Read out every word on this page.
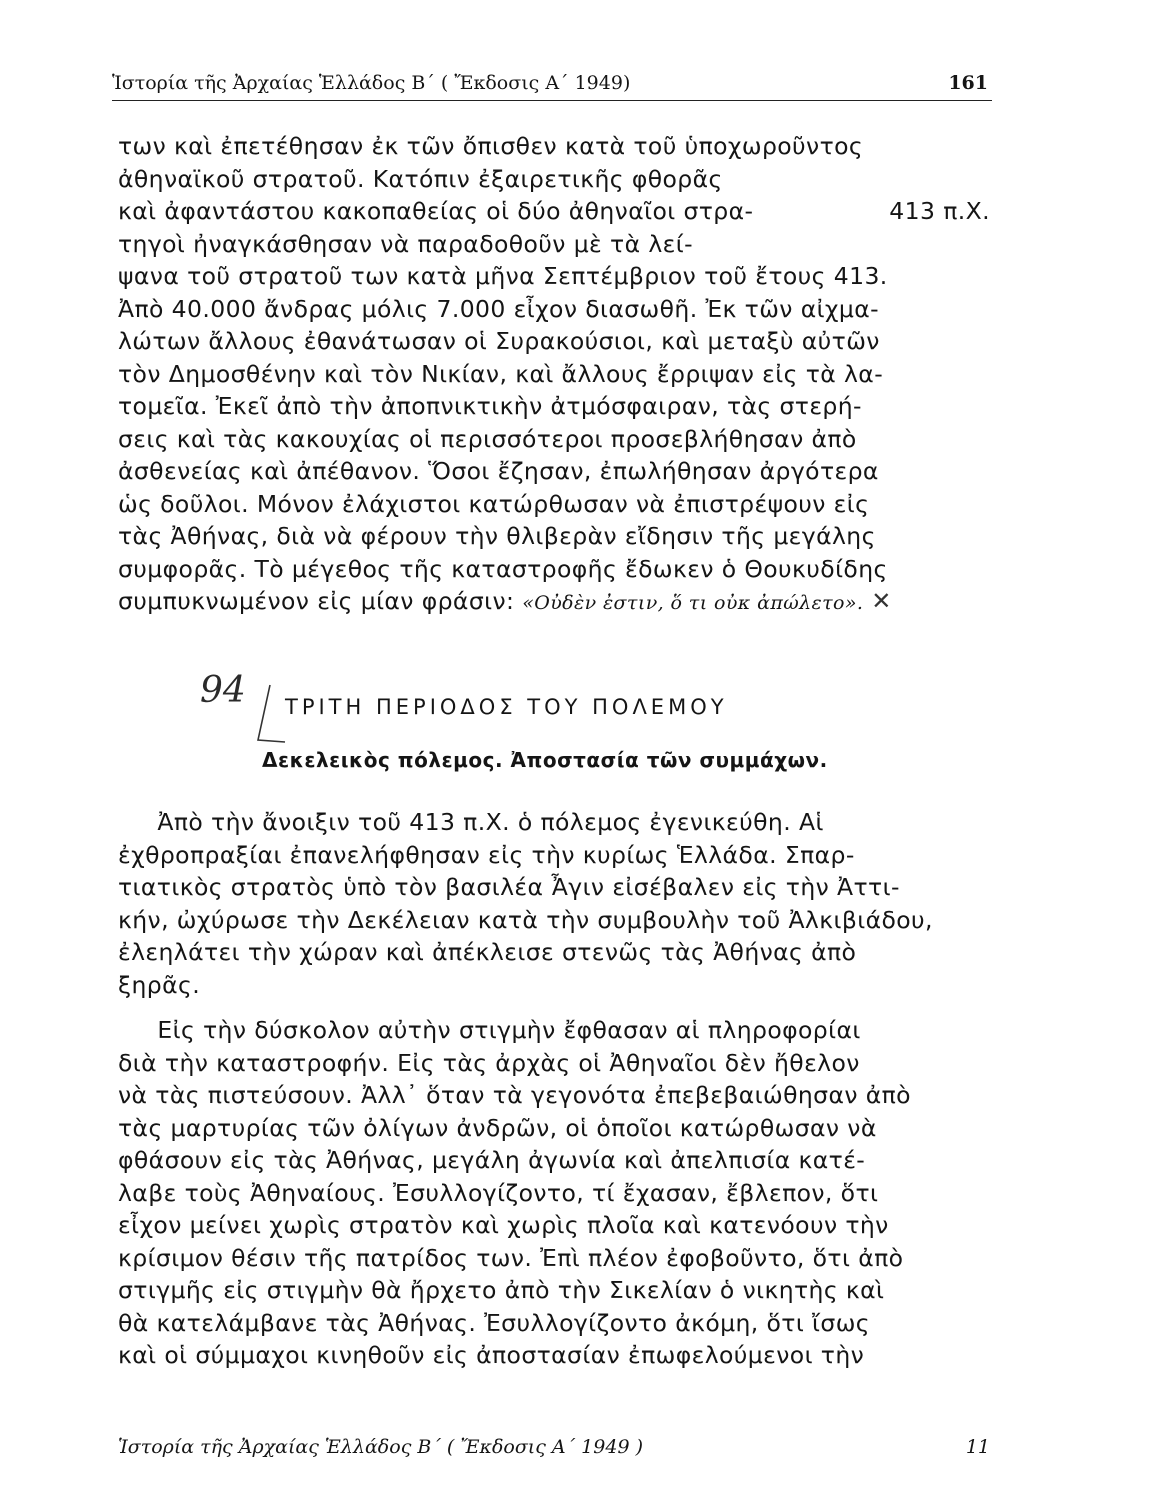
Ἱστορία τῆς Ἀρχαίας Ἑλλάδος Β΄ ( Ἔκδοσις Α΄ 1949)	161
των καὶ ἐπετέθησαν ἐκ τῶν ὄπισθεν κατὰ τοῦ ὑποχωροῦντος
ἀθηναϊκοῦ στρατοῦ. Κατόπιν ἐξαιρετικῆς φθορᾶς
καὶ ἀφαντάστου κακοπαθείας οἱ δύο ἀθηναῖοι στρα-	413 π.Χ.
τηγοὶ ἠναγκάσθησαν νὰ παραδοθοῦν μὲ τὰ λεί-
ψανα τοῦ στρατοῦ των κατὰ μῆνα Σεπτέμβριον τοῦ ἔτους 413.
Ἀπὸ 40.000 ἄνδρας μόλις 7.000 εἶχον διασωθῆ. Ἐκ τῶν αἰχμα-
λώτων ἄλλους ἐθανάτωσαν οἱ Συρακούσιοι, καὶ μεταξὺ αὐτῶν
τὸν Δημοσθένην καὶ τὸν Νικίαν, καὶ ἄλλους ἔρριψαν εἰς τὰ λα-
τομεῖα. Ἐκεῖ ἀπὸ τὴν ἀποπνικτικὴν ἀτμόσφαιραν, τὰς στερή-
σεις καὶ τὰς κακουχίας οἱ περισσότεροι προσεβλήθησαν ἀπὸ
ἀσθενείας καὶ ἀπέθανον. Ὅσοι ἔζησαν, ἐπωλήθησαν ἀργότερα
ὡς δοῦλοι. Μόνον ἐλάχιστοι κατώρθωσαν νὰ ἐπιστρέψουν εἰς
τὰς Ἀθήνας, διὰ νὰ φέρουν τὴν θλιβερὰν εἴδησιν τῆς μεγάλης
συμφορᾶς. Τὸ μέγεθος τῆς καταστροφῆς ἔδωκεν ὁ Θουκυδίδης
συμπυκνωμένον εἰς μίαν φράσιν: «Οὐδὲν ἐστιν, ὅ τι οὐκ ἀπώλετο». ✕
94 ΤΡΙΤΗ ΠΕΡΙΟΔΟΣ ΤΟΥ ΠΟΛΕΜΟΥ
Δεκελεικὸς πόλεμος. Ἀποστασία τῶν συμμάχων.
Ἀπὸ τὴν ἄνοιξιν τοῦ 413 π.Χ. ὁ πόλεμος ἐγενικεύθη. Αἱ
ἐχθροπραξίαι ἐπανελήφθησαν εἰς τὴν κυρίως Ἑλλάδα. Σπαρ-
τιατικὸς στρατὸς ὑπὸ τὸν βασιλέα Ἆγιν εἰσέβαλεν εἰς τὴν Ἀττι-
κήν, ὠχύρωσε τὴν Δεκέλειαν κατὰ τὴν συμβουλὴν τοῦ Ἀλκιβιάδου,
ἐλεηλάτει τὴν χώραν καὶ ἀπέκλεισε στενῶς τὰς Ἀθήνας ἀπὸ
ξηρᾶς.
Εἰς τὴν δύσκολον αὐτὴν στιγμὴν ἔφθασαν αἱ πληροφορίαι
διὰ τὴν καταστροφήν. Εἰς τὰς ἀρχὰς οἱ Ἀθηναῖοι δὲν ἤθελον
νὰ τὰς πιστεύσουν. Ἀλλ᾽ ὅταν τὰ γεγονότα ἐπεβεβαιώθησαν ἀπὸ
τὰς μαρτυρίας τῶν ὀλίγων ἀνδρῶν, οἱ ὁποῖοι κατώρθωσαν νὰ
φθάσουν εἰς τὰς Ἀθήνας, μεγάλη ἀγωνία καὶ ἀπελπισία κατέ-
λαβε τοὺς Ἀθηναίους. Ἐσυλλογίζοντο, τί ἔχασαν, ἔβλεπον, ὅτι
εἶχον μείνει χωρὶς στρατὸν καὶ χωρὶς πλοῖα καὶ κατενόουν τὴν
κρίσιμον θέσιν τῆς πατρίδος των. Ἐπὶ πλέον ἐφοβοῦντο, ὅτι ἀπὸ
στιγμῆς εἰς στιγμὴν θὰ ἤρχετο ἀπὸ τὴν Σικελίαν ὁ νικητὴς καὶ
θὰ κατελάμβανε τὰς Ἀθήνας. Ἐσυλλογίζοντο ἀκόμη, ὅτι ἴσως
καὶ οἱ σύμμαχοι κινηθοῦν εἰς ἀποστασίαν ἐπωφελούμενοι τὴν
Ἱστορία τῆς Ἀρχαίας Ἑλλάδος Β΄ ( Ἔκδοσις Α΄ 1949 )	11
